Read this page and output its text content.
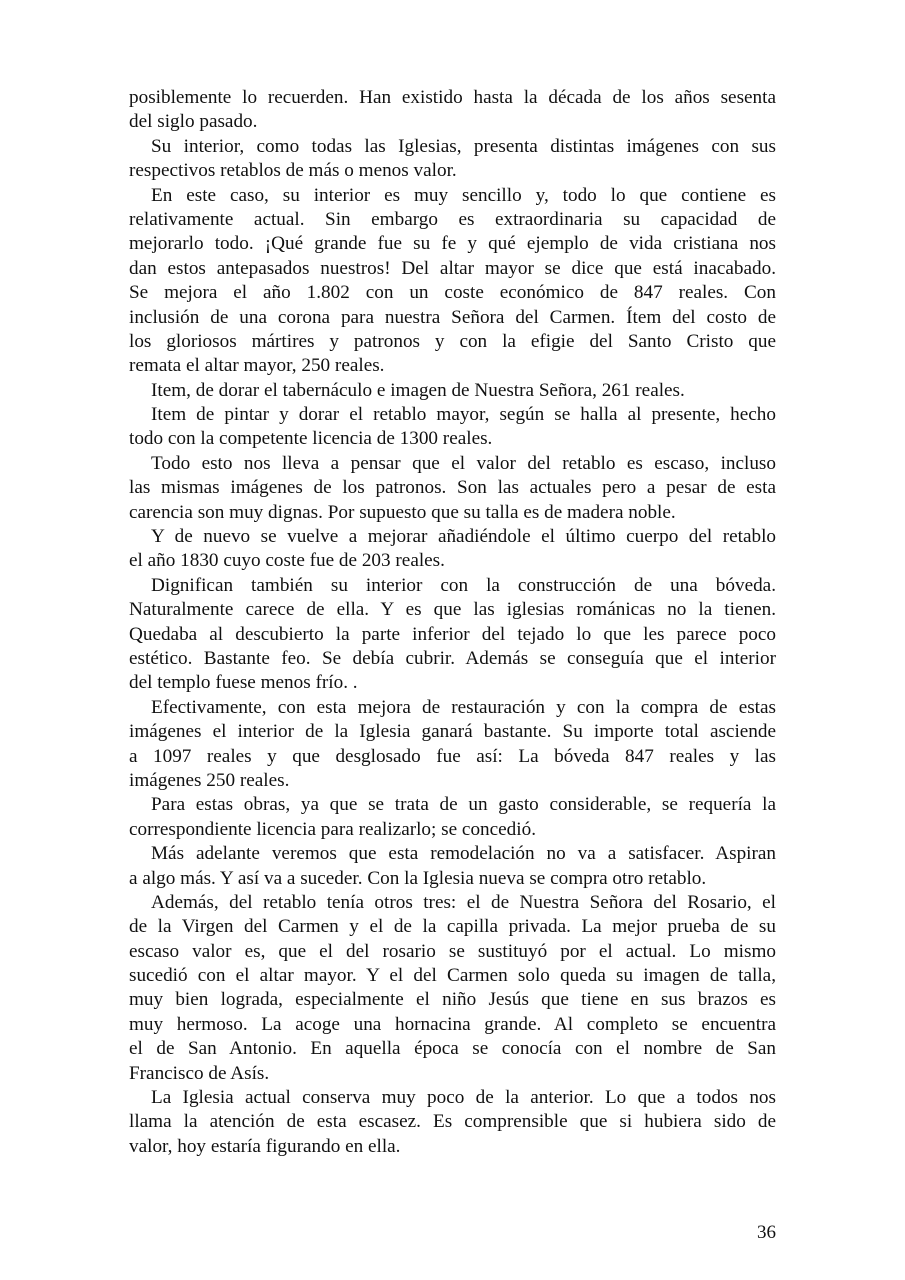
posiblemente lo recuerden. Han existido hasta la década de los años sesenta
del siglo pasado.
Su interior, como todas las Iglesias, presenta distintas imágenes con sus
respectivos retablos de más o menos valor.
En este caso, su interior es muy sencillo y, todo lo que contiene es
relativamente actual. Sin embargo es extraordinaria su capacidad de
mejorarlo todo. ¡Qué grande fue su fe y qué ejemplo de vida cristiana nos
dan estos antepasados nuestros! Del altar mayor se dice que está inacabado.
Se mejora el año 1.802 con un coste económico de 847 reales. Con
inclusión de una corona para nuestra Señora del Carmen. Ítem del costo de
los gloriosos mártires y patronos y con la efigie del Santo Cristo que
remata el altar mayor, 250 reales.
Item, de dorar el tabernáculo e imagen de Nuestra Señora, 261 reales.
Item de pintar y dorar el retablo mayor, según se halla al presente, hecho
todo con la competente licencia de 1300 reales.
Todo esto nos lleva a pensar que el valor del retablo es escaso, incluso
las mismas imágenes de los patronos. Son las actuales pero a pesar de esta
carencia son muy dignas. Por supuesto que su talla es de madera noble.
Y de nuevo se vuelve a mejorar añadiéndole el último cuerpo del retablo
el año 1830 cuyo coste fue de 203 reales.
Dignifican también su interior con la construcción de una bóveda.
Naturalmente carece de ella. Y es que las iglesias románicas no la tienen.
Quedaba al descubierto la parte inferior del tejado lo que les parece poco
estético. Bastante feo. Se debía cubrir. Además se conseguía que el interior
del templo fuese menos frío. .
Efectivamente, con esta mejora de restauración y con la compra de estas
imágenes el interior de la Iglesia ganará bastante. Su importe total asciende
a 1097 reales y que desglosado fue así: La bóveda 847 reales y las
imágenes 250 reales.
Para estas obras, ya que se trata de un gasto considerable, se requería la
correspondiente licencia para realizarlo; se concedió.
Más adelante veremos que esta remodelación no va a satisfacer. Aspiran
a algo más. Y así va a suceder. Con la Iglesia nueva se compra otro retablo.
Además, del retablo tenía otros tres: el de Nuestra Señora del Rosario, el
de la Virgen del Carmen y el de la capilla privada. La mejor prueba de su
escaso valor es, que el del rosario se sustituyó por el actual. Lo mismo
sucedió con el altar mayor. Y el del Carmen solo queda su imagen de talla,
muy bien lograda, especialmente el niño Jesús que tiene en sus brazos es
muy hermoso. La acoge una hornacina grande. Al completo se encuentra
el de San Antonio. En aquella época se conocía con el nombre de San
Francisco de Asís.
La Iglesia actual conserva muy poco de la anterior. Lo que a todos nos
llama la atención de esta escasez. Es comprensible que si hubiera sido de
valor, hoy estaría figurando en ella.
36
